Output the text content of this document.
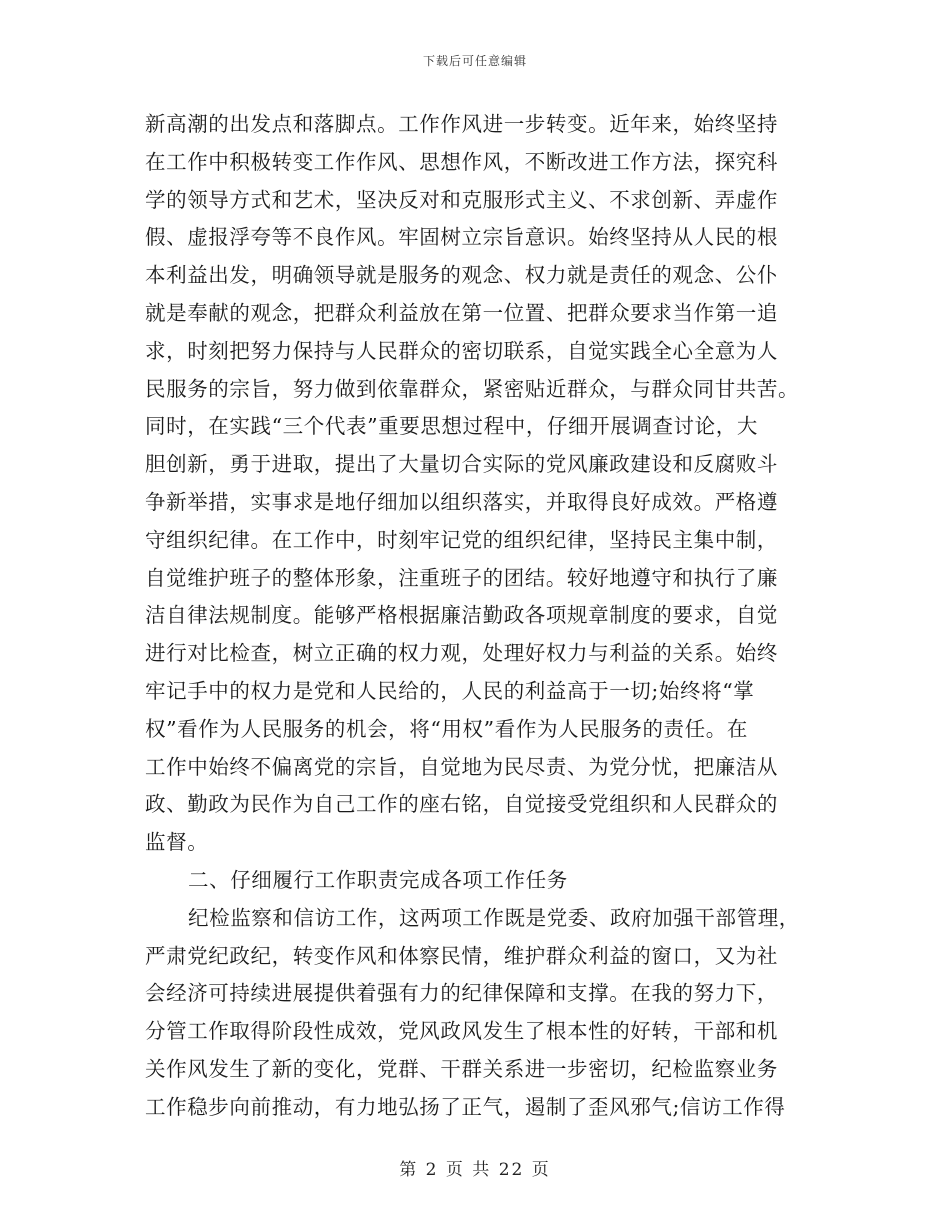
下载后可任意编辑
新高潮的出发点和落脚点。工作作风进一步转变。近年来，始终坚持
在工作中积极转变工作作风、思想作风，不断改进工作方法，探究科
学的领导方式和艺术，坚决反对和克服形式主义、不求创新、弄虚作
假、虚报浮夸等不良作风。牢固树立宗旨意识。始终坚持从人民的根
本利益出发，明确领导就是服务的观念、权力就是责任的观念、公仆
就是奉献的观念，把群众利益放在第一位置、把群众要求当作第一追
求，时刻把努力保持与人民群众的密切联系，自觉实践全心全意为人
民服务的宗旨，努力做到依靠群众，紧密贴近群众，与群众同甘共苦。
同时，在实践“三个代表”重要思想过程中，仔细开展调查讨论，大
胆创新，勇于进取，提出了大量切合实际的党风廉政建设和反腐败斗
争新举措，实事求是地仔细加以组织落实，并取得良好成效。严格遵
守组织纪律。在工作中，时刻牢记党的组织纪律，坚持民主集中制，
自觉维护班子的整体形象，注重班子的团结。较好地遵守和执行了廉
洁自律法规制度。能够严格根据廉洁勤政各项规章制度的要求，自觉
进行对比检查，树立正确的权力观，处理好权力与利益的关系。始终
牢记手中的权力是党和人民给的，人民的利益高于一切;始终将“掌
权”看作为人民服务的机会，将“用权”看作为人民服务的责任。在
工作中始终不偏离党的宗旨，自觉地为民尽责、为党分忧，把廉洁从
政、勤政为民作为自己工作的座右铭，自觉接受党组织和人民群众的
监督。
二、仔细履行工作职责完成各项工作任务
纪检监察和信访工作，这两项工作既是党委、政府加强干部管理，
严肃党纪政纪，转变作风和体察民情，维护群众利益的窗口，又为社
会经济可持续进展提供着强有力的纪律保障和支撑。在我的努力下，
分管工作取得阶段性成效，党风政风发生了根本性的好转，干部和机
关作风发生了新的变化，党群、干群关系进一步密切，纪检监察业务
工作稳步向前推动，有力地弘扬了正气，遏制了歪风邪气;信访工作得
第 2 页 共 22 页
